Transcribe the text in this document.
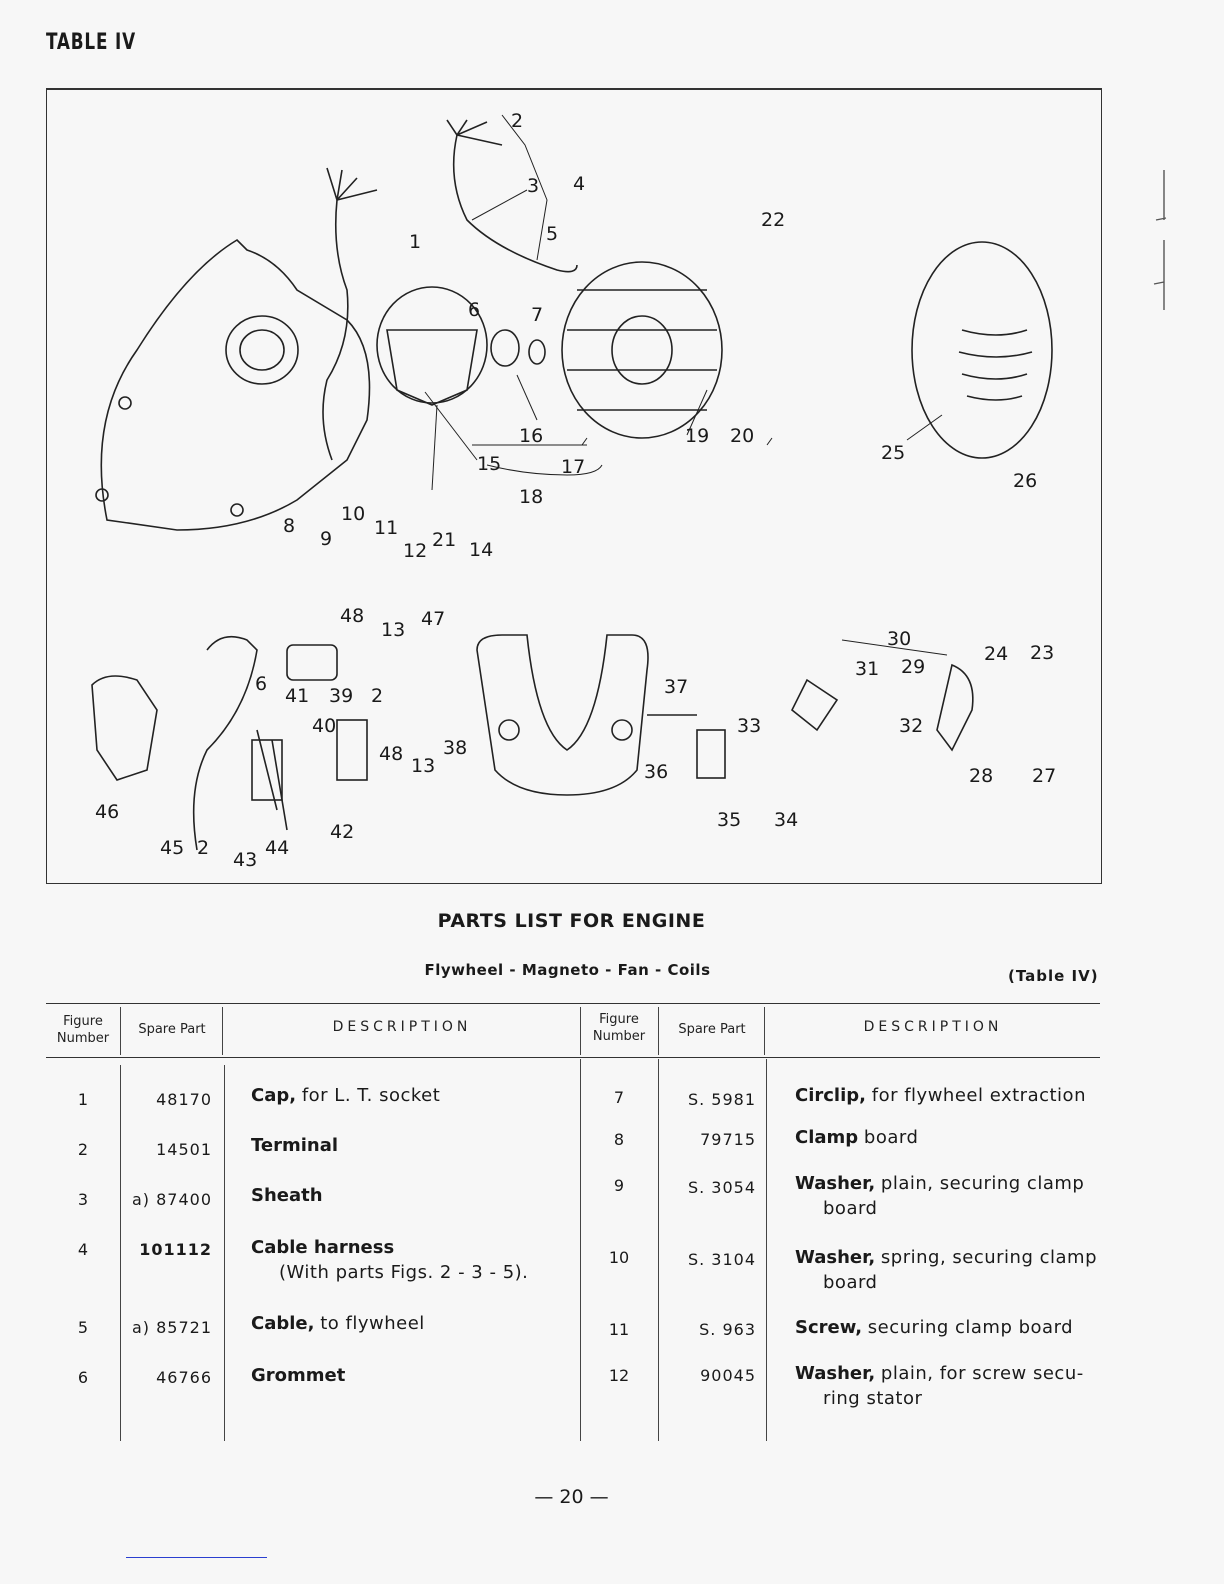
TABLE IV
1
2
3 4
5
6	7
8
9
10
11
12 21 14
15
16
17
18
19 20
22
25
26
48
13 47
6
41 39 2
40
48
13
38
42
46
45 2
43
44
37
33
36
35 34
30
31 29
32
24 23
28 27
PARTS LIST FOR ENGINE
Flywheel - Magneto - Fan - Coils	(Table IV)
Figure
Number
Spare Part	DESCRIPTION	Figure
Number	Spare Part	DESCRIPTION
1	48170 Cap, for L. T. socket
2	14501 Terminal
3	a) 87400 Sheath
4	101112 Cable harness
(With parts Figs. 2 - 3 - 5).
5	a) 85721 Cable, to flywheel
6	46766 Grommet
7	S. 5981 Circlip, for flywheel extraction
8	79715 Clamp board
9	S. 3054 Washer, plain, securing clamp
board
10	S. 3104 Washer, spring, securing clamp
board
11	S. 963 Screw, securing clamp board
12	90045 Washer, plain, for screw secu-
ring stator
— 20 —
